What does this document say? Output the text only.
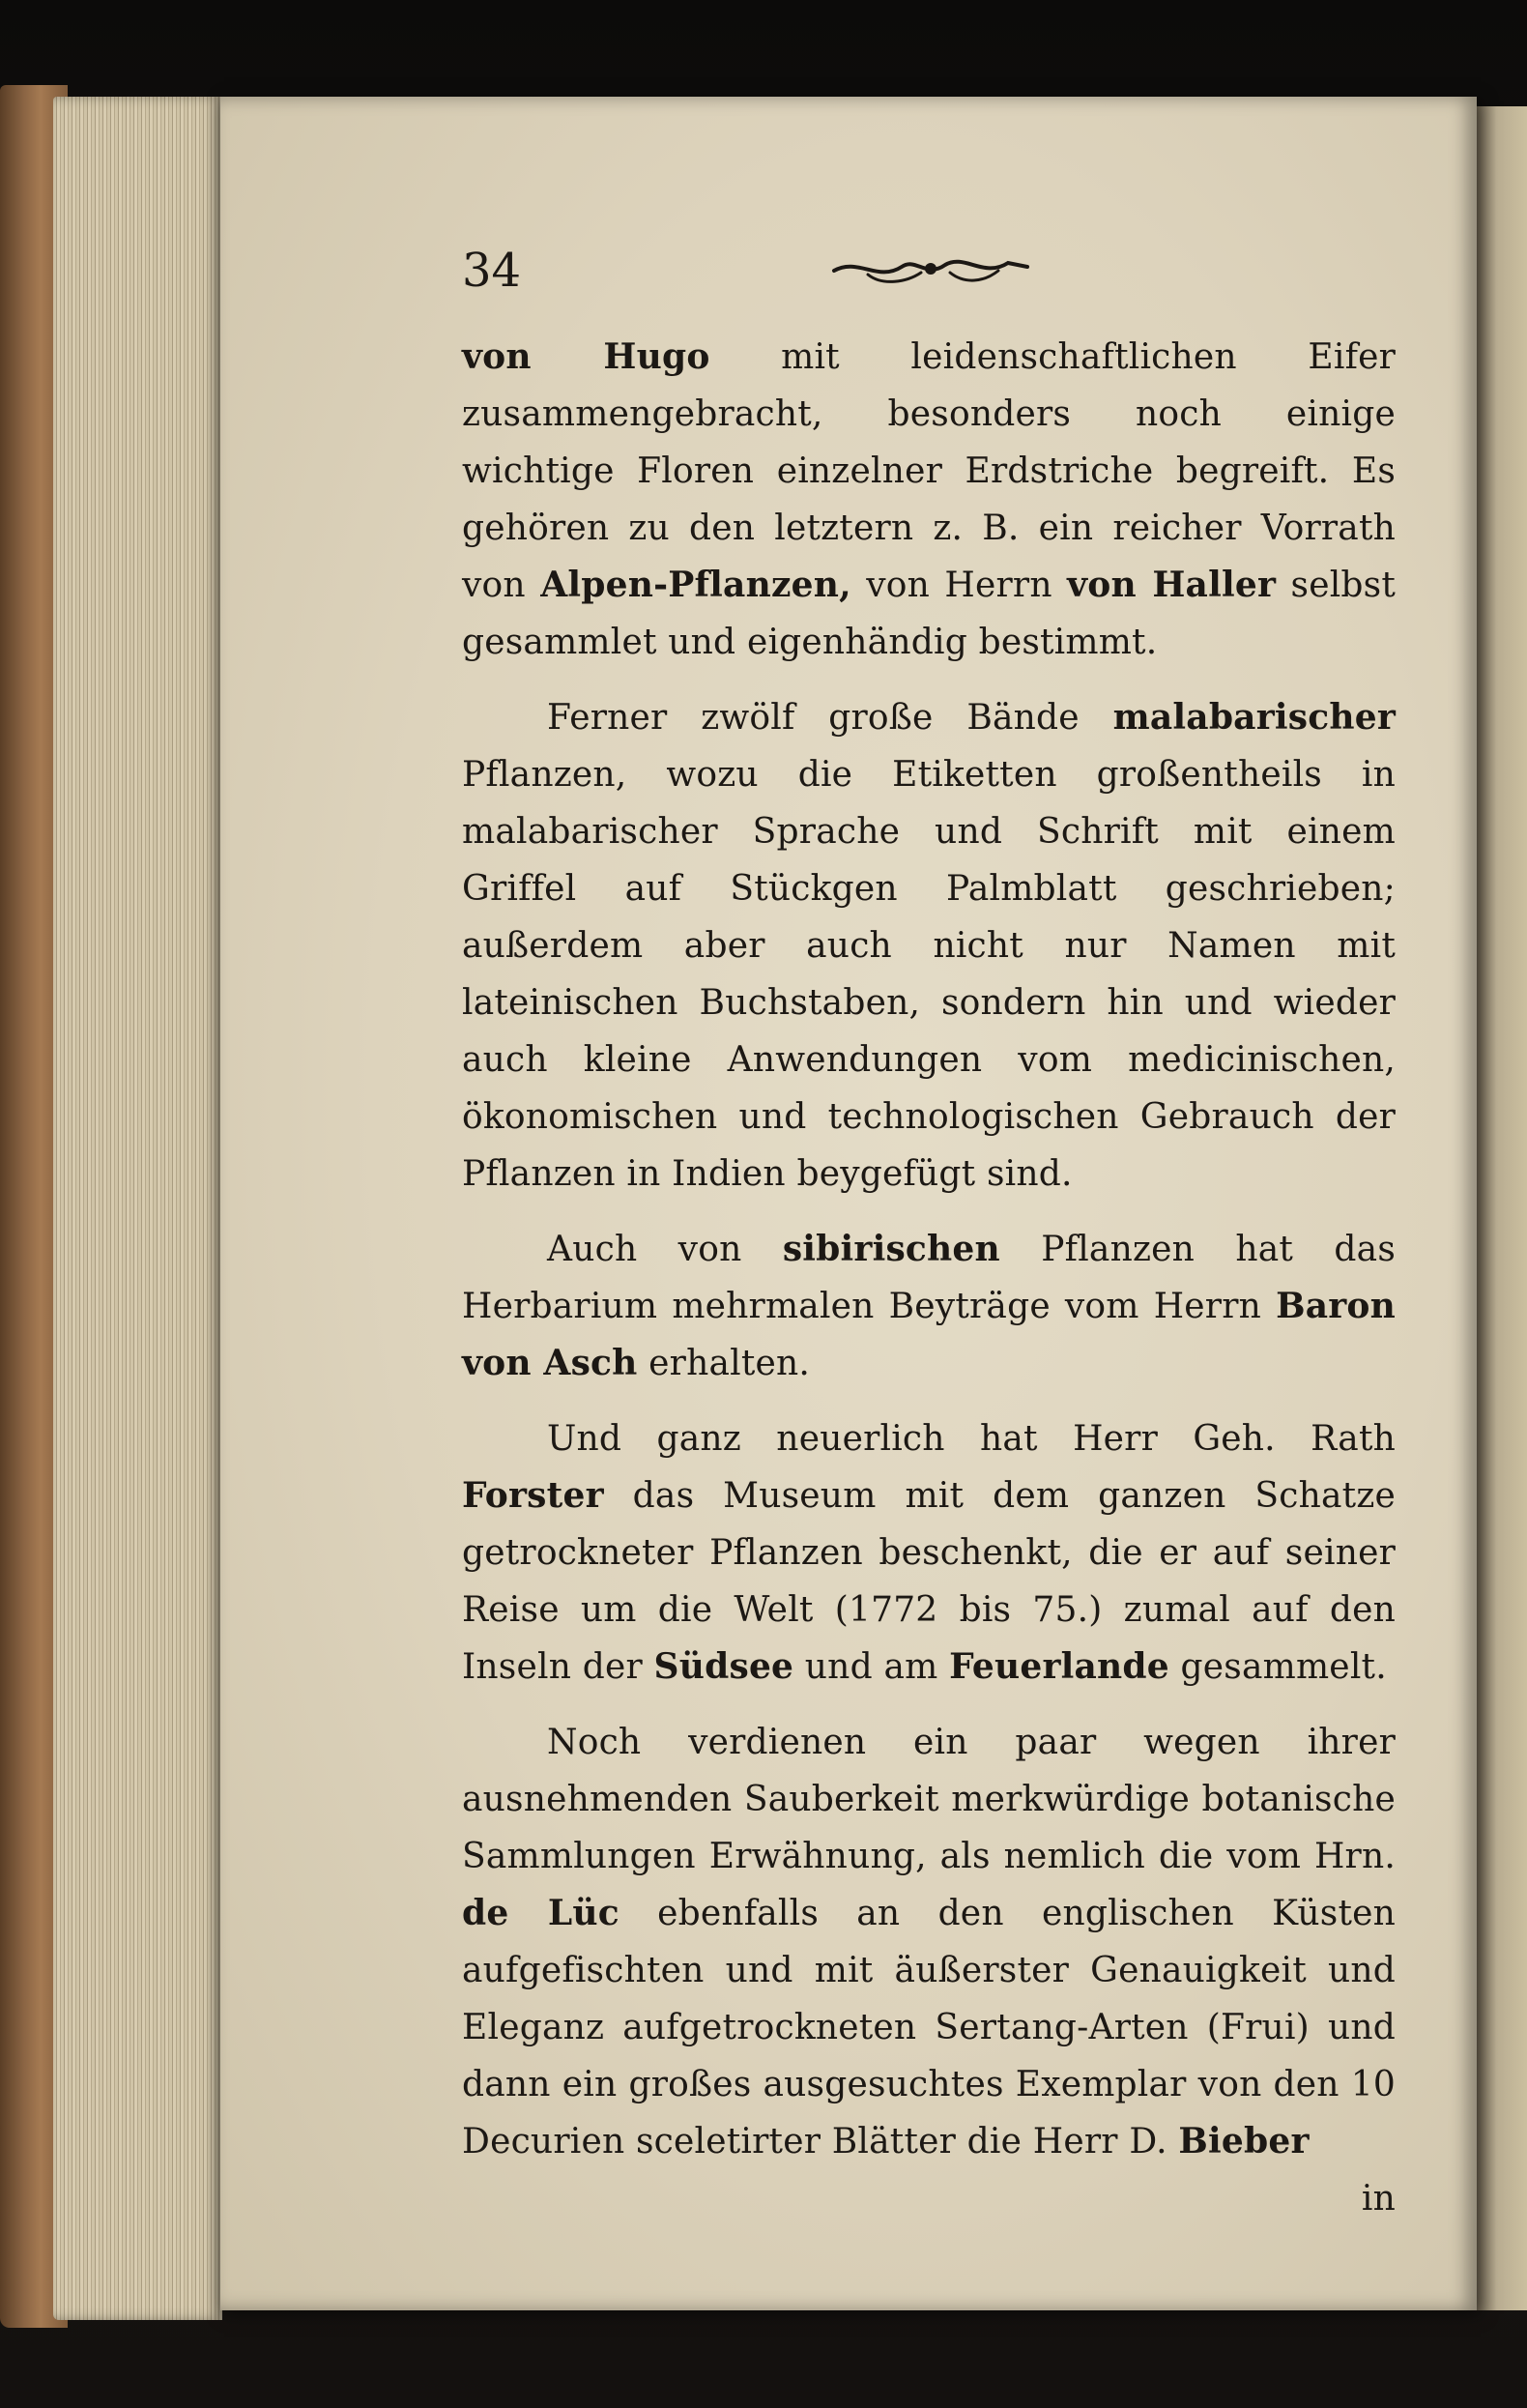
34

von Hugo mit leidenschaftlichen Eifer zusammengebracht, besonders noch einige wichtige Floren einzelner Erdstriche begreift. Es gehören zu den letztern z. B. ein reicher Vorrath von Alpen-Pflanzen, von Herrn von Haller selbst gesammlet und eigenhändig bestimmt.

Ferner zwölf große Bände malabarischer Pflanzen, wozu die Etiketten großentheils in malabarischer Sprache und Schrift mit einem Griffel auf Stückgen Palmblatt geschrieben; außerdem aber auch nicht nur Namen mit lateinischen Buchstaben, sondern hin und wieder auch kleine Anwendungen vom medicinischen, ökonomischen und technologischen Gebrauch der Pflanzen in Indien beygefügt sind.

Auch von sibirischen Pflanzen hat das Herbarium mehrmalen Beyträge vom Herrn Baron von Asch erhalten.

Und ganz neuerlich hat Herr Geh. Rath Forster das Museum mit dem ganzen Schatze getrockneter Pflanzen beschenkt, die er auf seiner Reise um die Welt (1772 bis 75.) zumal auf den Inseln der Südsee und am Feuerlande gesammelt.

Noch verdienen ein paar wegen ihrer ausnehmenden Sauberkeit merkwürdige botanische Sammlungen Erwähnung, als nemlich die vom Hrn. de Lüc ebenfalls an den englischen Küsten aufgefischten und mit äußerster Genauigkeit und Eleganz aufgetrockneten Sertang-Arten (Frui) und dann ein großes ausgesuchtes Exemplar von den 10 Decurien sceletirter Blätter die Herr D. Bieber

in
